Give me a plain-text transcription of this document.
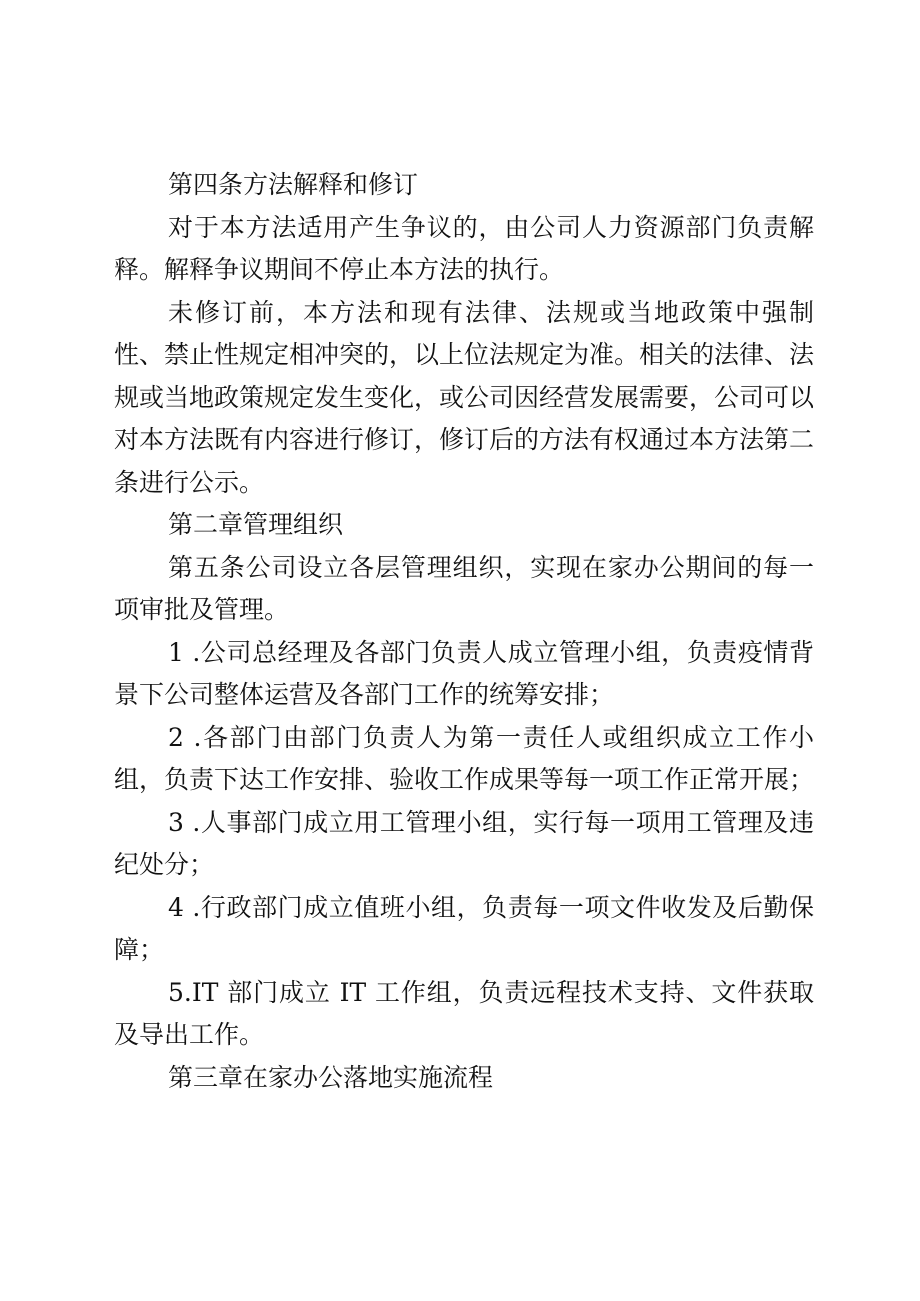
第四条方法解释和修订

对于本方法适用产生争议的，由公司人力资源部门负责解释。解释争议期间不停止本方法的执行。

未修订前，本方法和现有法律、法规或当地政策中强制性、禁止性规定相冲突的，以上位法规定为准。相关的法律、法规或当地政策规定发生变化，或公司因经营发展需要，公司可以对本方法既有内容进行修订，修订后的方法有权通过本方法第二条进行公示。

第二章管理组织

第五条公司设立各层管理组织，实现在家办公期间的每一项审批及管理。

1 .公司总经理及各部门负责人成立管理小组，负责疫情背景下公司整体运营及各部门工作的统筹安排；

2 .各部门由部门负责人为第一责任人或组织成立工作小组，负责下达工作安排、验收工作成果等每一项工作正常开展；

3 .人事部门成立用工管理小组，实行每一项用工管理及违纪处分；

4 .行政部门成立值班小组，负责每一项文件收发及后勤保障；

5.IT 部门成立 IT 工作组，负责远程技术支持、文件获取及导出工作。

第三章在家办公落地实施流程
